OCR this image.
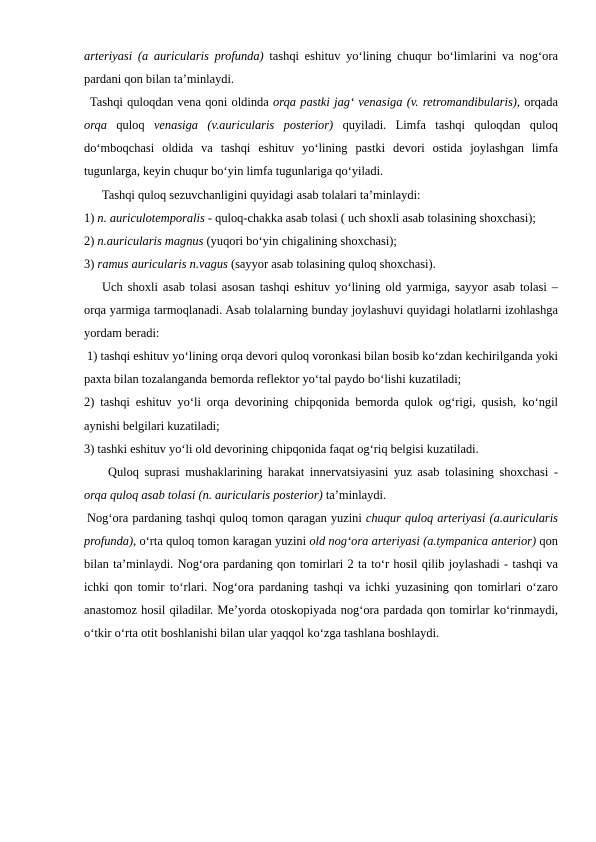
arteriyasi (a auricularis profunda) tashqi eshituv yo‘lining chuqur bo‘limlarini va nog‘ora pardani qon bilan ta’minlaydi.

Tashqi quloqdan vena qoni oldinda orqa pastki jag‘ venasiga (v. retromandibularis), orqada orqa quloq venasiga (v.auricularis posterior) quyiladi. Limfa tashqi quloqdan quloq do‘mboqchasi oldida va tashqi eshituv yo‘lining pastki devori ostida joylashgan limfa tugunlarga, keyin chuqur bo‘yin limfa tugunlariga qo‘yiladi.

Tashqi quloq sezuvchanligini quyidagi asab tolalari ta’minlaydi:

1) n. auriculotemporalis - quloq-chakka asab tolasi ( uch shoxli asab tolasining shoxchasi);

2) n.auricularis magnus (yuqori bo‘yin chigalining shoxchasi);

3) ramus auricularis n.vagus (sayyor asab tolasining quloq shoxchasi).

Uch shoxli asab tolasi asosan tashqi eshituv yo‘lining old yarmiga, sayyor asab tolasi – orqa yarmiga tarmoqlanadi. Asab tolalarning bunday joylashuvi quyidagi holatlarni izohlashga yordam beradi:

1) tashqi eshituv yo‘lining orqa devori quloq voronkasi bilan bosib ko‘zdan kechirilganda yoki paxta bilan tozalanganda bemorda reflektor yo‘tal paydo bo‘lishi kuzatiladi;

2) tashqi eshituv yo‘li orqa devorining chipqonida bemorda qulok og‘rigi, qusish, ko‘ngil aynishi belgilari kuzatiladi;

3) tashki eshituv yo‘li old devorining chipqonida faqat og‘riq belgisi kuzatiladi.

Quloq suprasi mushaklarining harakat innervatsiyasini yuz asab tolasining shoxchasi - orqa quloq asab tolasi (n. auricularis posterior) ta’minlaydi.

Nog‘ora pardaning tashqi quloq tomon qaragan yuzini chuqur quloq arteriyasi (a.auricularis profunda), o‘rta quloq tomon karagan yuzini old nog‘ora arteriyasi (a.tympanica anterior) qon bilan ta’minlaydi. Nog‘ora pardaning qon tomirlari 2 ta to‘r hosil qilib joylashadi - tashqi va ichki qon tomir to‘rlari. Nog‘ora pardaning tashqi va ichki yuzasining qon tomirlari o‘zaro anastomoz hosil qiladilar. Me’yorda otoskopiyada nog‘ora pardada qon tomirlar ko‘rinmaydi, o‘tkir o‘rta otit boshlanishi bilan ular yaqqol ko‘zga tashlana boshlaydi.
